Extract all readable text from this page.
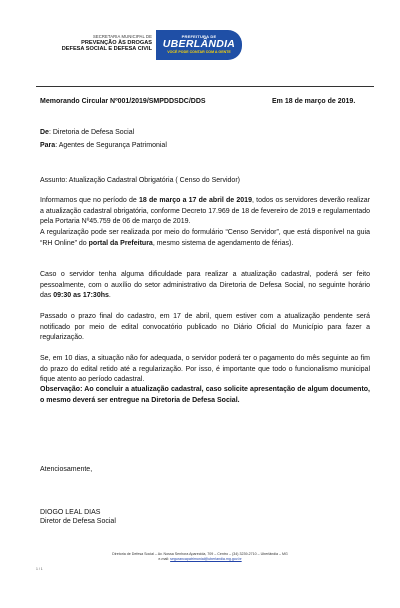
SECRETARIA MUNICIPAL DE
PREVENÇÃO ÀS DROGAS
DEFESA SOCIAL E DEFESA CIVIL
PREFEITURA DE
UBERLÂNDIA
VOCÊ PODE CONTAR COM A GENTE
Memorando Circular Nº001/2019/SMPDDSDC/DDS	Em 18 de março de 2019.
De: Diretoria de Defesa Social
Para: Agentes de Segurança Patrimonial
Assunto: Atualização Cadastral Obrigatória ( Censo do Servidor)
Informamos que no período de 18 de março a 17 de abril de 2019, todos os servidores deverão realizar a atualização cadastral obrigatória, conforme Decreto 17.969 de 18 de fevereiro de 2019 e regulamentado pela Portaria Nº45.759 de 06 de março de 2019.
A regularização pode ser realizada por meio do formulário “Censo Servidor”, que está disponível na guia “RH Online” do portal da Prefeitura, mesmo sistema de agendamento de férias).
Caso o servidor tenha alguma dificuldade para realizar a atualização cadastral, poderá ser feito pessoalmente, com o auxílio do setor administrativo da Diretoria de Defesa Social, no seguinte horário das 09:30 as 17:30hs.
Passado o prazo final do cadastro, em 17 de abril, quem estiver com a atualização pendente será notificado por meio de edital convocatório publicado no Diário Oficial do Município para fazer a regularização.
Se, em 10 dias, a situação não for adequada, o servidor poderá ter o pagamento do mês seguinte ao fim do prazo do edital retido até a regularização. Por isso, é importante que todo o funcionalismo municipal fique atento ao período cadastral.
Observação: Ao concluir a atualização cadastral, caso solicite apresentação de algum documento, o mesmo deverá ser entregue na Diretoria de Defesa Social.
Atenciosamente,
DIOGO LEAL DIAS
Diretor de Defesa Social
Diretoria de Defesa Social – Av. Nossa Senhora Aparecida, 709 – Centro – (34) 3239-2710 – Uberlândia – MG
e-mail: segurancapatrimonial@uberlandia.mg.gov.br
1 / 1
